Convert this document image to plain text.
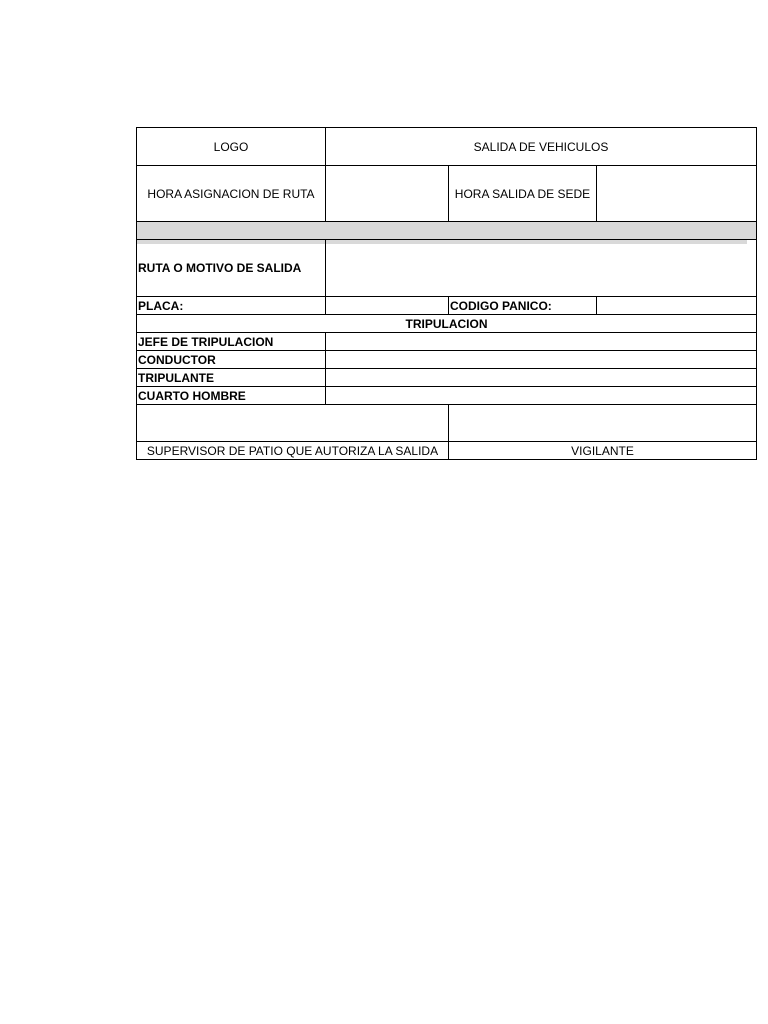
LOGO	SALIDA DE VEHICULOS		
HORA ASIGNACION DE RUTA		HORA SALIDA DE SEDE	

RUTA O MOTIVO DE SALIDA			
PLACA:		CODIGO PANICO:	
TRIPULACION			
JEFE DE TRIPULACION			
CONDUCTOR			
TRIPULANTE			
CUARTO HOMBRE			

SUPERVISOR DE PATIO QUE AUTORIZA LA SALIDA		VIGILANTE	
